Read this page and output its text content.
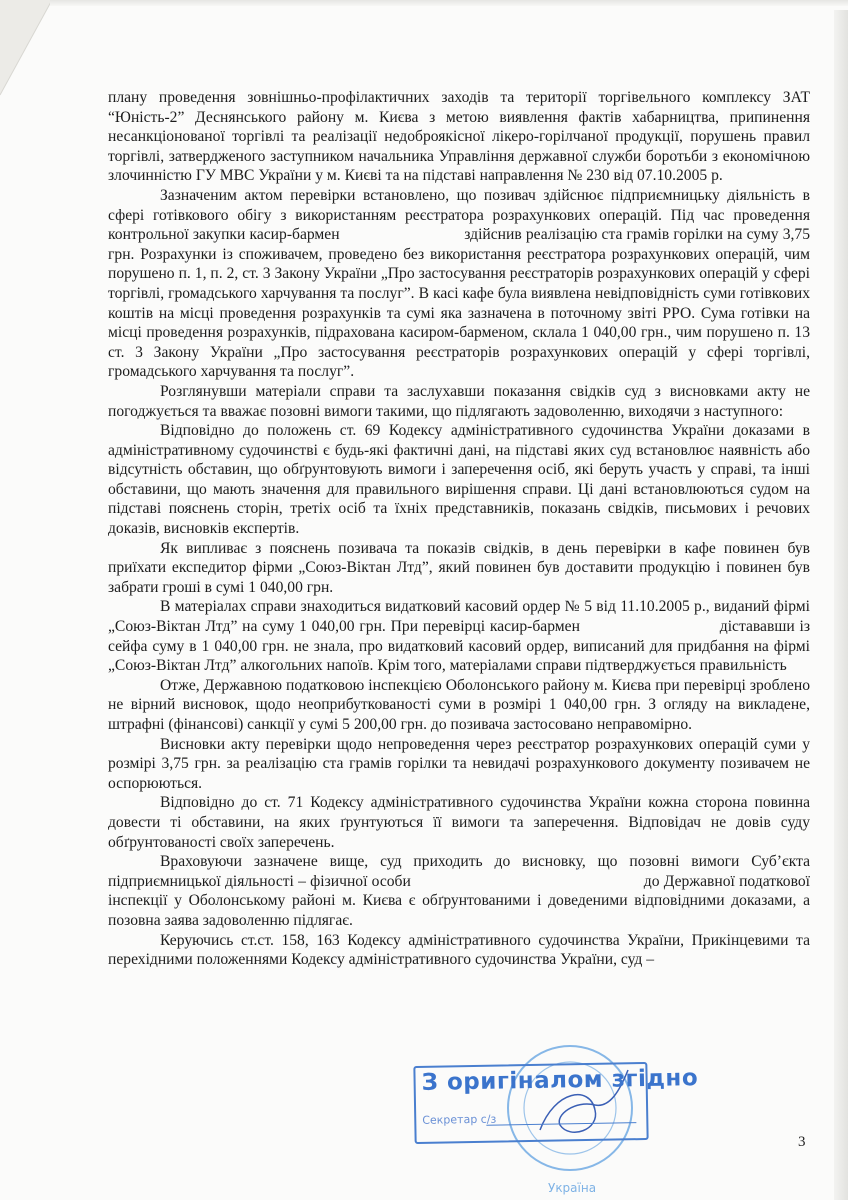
плану проведення зовнішньо-профілактичних заходів та території торгівельного комплексу ЗАТ “Юність-2” Деснянського району м. Києва з метою виявлення фактів хабарництва, припинення несанкціонованої торгівлі та реалізації недоброякісної лікеро-горілчаної продукції, порушень правил торгівлі, затвердженого заступником начальника Управління державної служби боротьби з економічною злочинністю ГУ МВС України у м. Києві та на підставі направлення № 230 від 07.10.2005 р.

Зазначеним актом перевірки встановлено, що позивач здійснює підприємницьку діяльність в сфері готівкового обігу з використанням реєстратора розрахункових операцій. Під час проведення контрольної закупки касир-бармен                              здійснив реалізацію ста грамів горілки на суму 3,75 грн. Розрахунки із споживачем, проведено без використання реєстратора розрахункових операцій, чим порушено п. 1, п. 2, ст. 3 Закону України „Про застосування реєстраторів розрахункових операцій у сфері торгівлі, громадського харчування та послуг”. В касі кафе була виявлена невідповідність суми готівкових коштів на місці проведення розрахунків та сумі яка зазначена в поточному звіті РРО. Сума готівки на місці проведення розрахунків, підрахована касиром-барменом, склала 1 040,00 грн., чим порушено п. 13 ст. 3 Закону України „Про застосування реєстраторів розрахункових операцій у сфері торгівлі, громадського харчування та послуг”.

Розглянувши матеріали справи та заслухавши показання свідків суд з висновками акту не погоджується та вважає позовні вимоги такими, що підлягають задоволенню, виходячи з наступного:

Відповідно до положень ст. 69 Кодексу адміністративного судочинства України доказами в адміністративному судочинстві є будь-які фактичні дані, на підставі яких суд встановлює наявність або відсутність обставин, що обґрунтовують вимоги і заперечення осіб, які беруть участь у справі, та інші обставини, що мають значення для правильного вирішення справи. Ці дані встановлюються судом на підставі пояснень сторін, третіх осіб та їхніх представників, показань свідків, письмових і речових доказів, висновків експертів.

Як випливає з пояснень позивача та показів свідків, в день перевірки в кафе повинен був приїхати експедитор фірми „Союз-Віктан Лтд”, який повинен був доставити продукцію і повинен був забрати гроші в сумі 1 040,00 грн.

В матеріалах справи знаходиться видатковий касовий ордер № 5 від 11.10.2005 р., виданий фірмі „Союз-Віктан Лтд” на суму 1 040,00 грн. При перевірці касир-бармен                             дістававши із сейфа суму в 1 040,00 грн. не знала, про видатковий касовий ордер, виписаний для придбання на фірмі „Союз-Віктан Лтд” алкогольних напоїв. Крім того, матеріалами справи підтверджується правильність

Отже, Державною податковою інспекцією Оболонського району м. Києва при перевірці зроблено не вірний висновок, щодо неоприбуткованості суми в розмірі 1 040,00 грн. З огляду на викладене, штрафні (фінансові) санкції у сумі 5 200,00 грн. до позивача застосовано неправомірно.

Висновки акту перевірки щодо непроведення через реєстратор розрахункових операцій суми у розмірі 3,75 грн. за реалізацію ста грамів горілки та невидачі розрахункового документу позивачем не оспорюються.

Відповідно до ст. 71 Кодексу адміністративного судочинства України кожна сторона повинна довести ті обставини, на яких ґрунтуються її вимоги та заперечення. Відповідач не довів суду обґрунтованості своїх заперечень.

Враховуючи зазначене вище, суд приходить до висновку, що позовні вимоги Суб’єкта підприємницької діяльності – фізичної особи                                                       до Державної податкової інспекції у Оболонському районі м. Києва є обґрунтованими і доведеними відповідними доказами, а позовна заява задоволенню підлягає.

Керуючись ст.ст. 158, 163 Кодексу адміністративного судочинства України, Прикінцевими та перехідними положеннями Кодексу адміністративного судочинства України, суд –

Україна
З оригіналом згідно
Секретар с/з
3
